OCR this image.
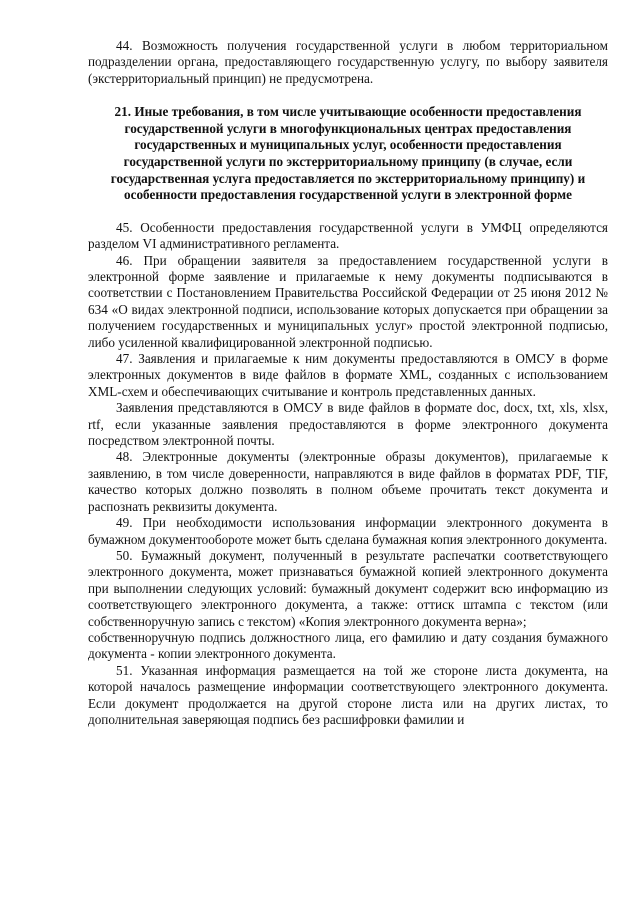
44. Возможность получения государственной услуги в любом территориальном подразделении органа, предоставляющего государственную услугу, по выбору заявителя (экстерриториальный принцип) не предусмотрена.

21. Иные требования, в том числе учитывающие особенности предоставления государственной услуги в многофункциональных центрах предоставления государственных и муниципальных услуг, особенности предоставления государственной услуги по экстерриториальному принципу (в случае, если государственная услуга предоставляется по экстерриториальному принципу) и особенности предоставления государственной услуги в электронной форме

45. Особенности предоставления государственной услуги в УМФЦ определяются разделом VI административного регламента.

46. При обращении заявителя за предоставлением государственной услуги в электронной форме заявление и прилагаемые к нему документы подписываются в соответствии с Постановлением Правительства Российской Федерации от 25 июня 2012 № 634 «О видах электронной подписи, использование которых допускается при обращении за получением государственных и муниципальных услуг» простой электронной подписью, либо усиленной квалифицированной электронной подписью.

47. Заявления и прилагаемые к ним документы предоставляются в ОМСУ в форме электронных документов в виде файлов в формате XML, созданных с использованием XML-схем и обеспечивающих считывание и контроль представленных данных.

Заявления представляются в ОМСУ в виде файлов в формате doc, docx, txt, xls, xlsx, rtf, если указанные заявления предоставляются в форме электронного документа посредством электронной почты.

48. Электронные документы (электронные образы документов), прилагаемые к заявлению, в том числе доверенности, направляются в виде файлов в форматах PDF, TIF, качество которых должно позволять в полном объеме прочитать текст документа и распознать реквизиты документа.

49. При необходимости использования информации электронного документа в бумажном документообороте может быть сделана бумажная копия электронного документа.

50. Бумажный документ, полученный в результате распечатки соответствующего электронного документа, может признаваться бумажной копией электронного документа при выполнении следующих условий: бумажный документ содержит всю информацию из соответствующего электронного документа, а также: оттиск штампа с текстом (или собственноручную запись с текстом) «Копия электронного документа верна»;

собственноручную подпись должностного лица, его фамилию и дату создания бумажного документа - копии электронного документа.

51. Указанная информация размещается на той же стороне листа документа, на которой началось размещение информации соответствующего электронного документа. Если документ продолжается на другой стороне листа или на других листах, то дополнительная заверяющая подпись без расшифровки фамилии и
